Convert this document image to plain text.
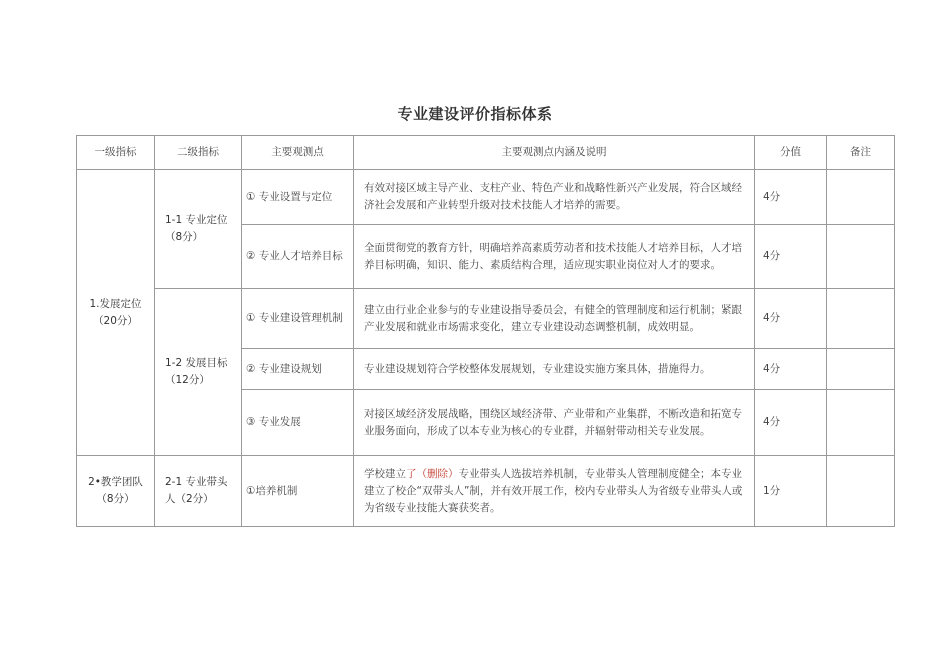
专业建设评价指标体系
一级指标	二级指标	主要观测点	主要观测点内涵及说明	分值	备注

1.发展定位
（20分）	1-1 专业定位（8分）	① 专业设置与定位	有效对接区域主导产业、支柱产业、特色产业和战略性新兴产业发展，符合区域经济社会发展和产业转型升级对技术技能人才培养的需要。	4分	
		② 专业人才培养目标	全面贯彻党的教育方针，明确培养高素质劳动者和技术技能人才培养目标，人才培养目标明确，知识、能力、素质结构合理，适应现实职业岗位对人才的要求。	4分	
	1-2 发展目标（12分）	① 专业建设管理机制	建立由行业企业参与的专业建设指导委员会，有健全的管理制度和运行机制；紧跟产业发展和就业市场需求变化，建立专业建设动态调整机制，成效明显。	4分	
		② 专业建设规划	专业建设规划符合学校整体发展规划，专业建设实施方案具体，措施得力。	4分	
		③ 专业发展	对接区域经济发展战略，围绕区域经济带、产业带和产业集群，不断改造和拓宽专业服务面向，形成了以本专业为核心的专业群，并辐射带动相关专业发展。	4分	

2•教学团队
（8分）	2-1 专业带头人（2分）	①培养机制	学校建立了（删除）专业带头人选拔培养机制，专业带头人管理制度健全；本专业建立了校企“双带头人”制，并有效开展工作，校内专业带头人为省级专业带头人或为省级专业技能大赛获奖者。	1分	
